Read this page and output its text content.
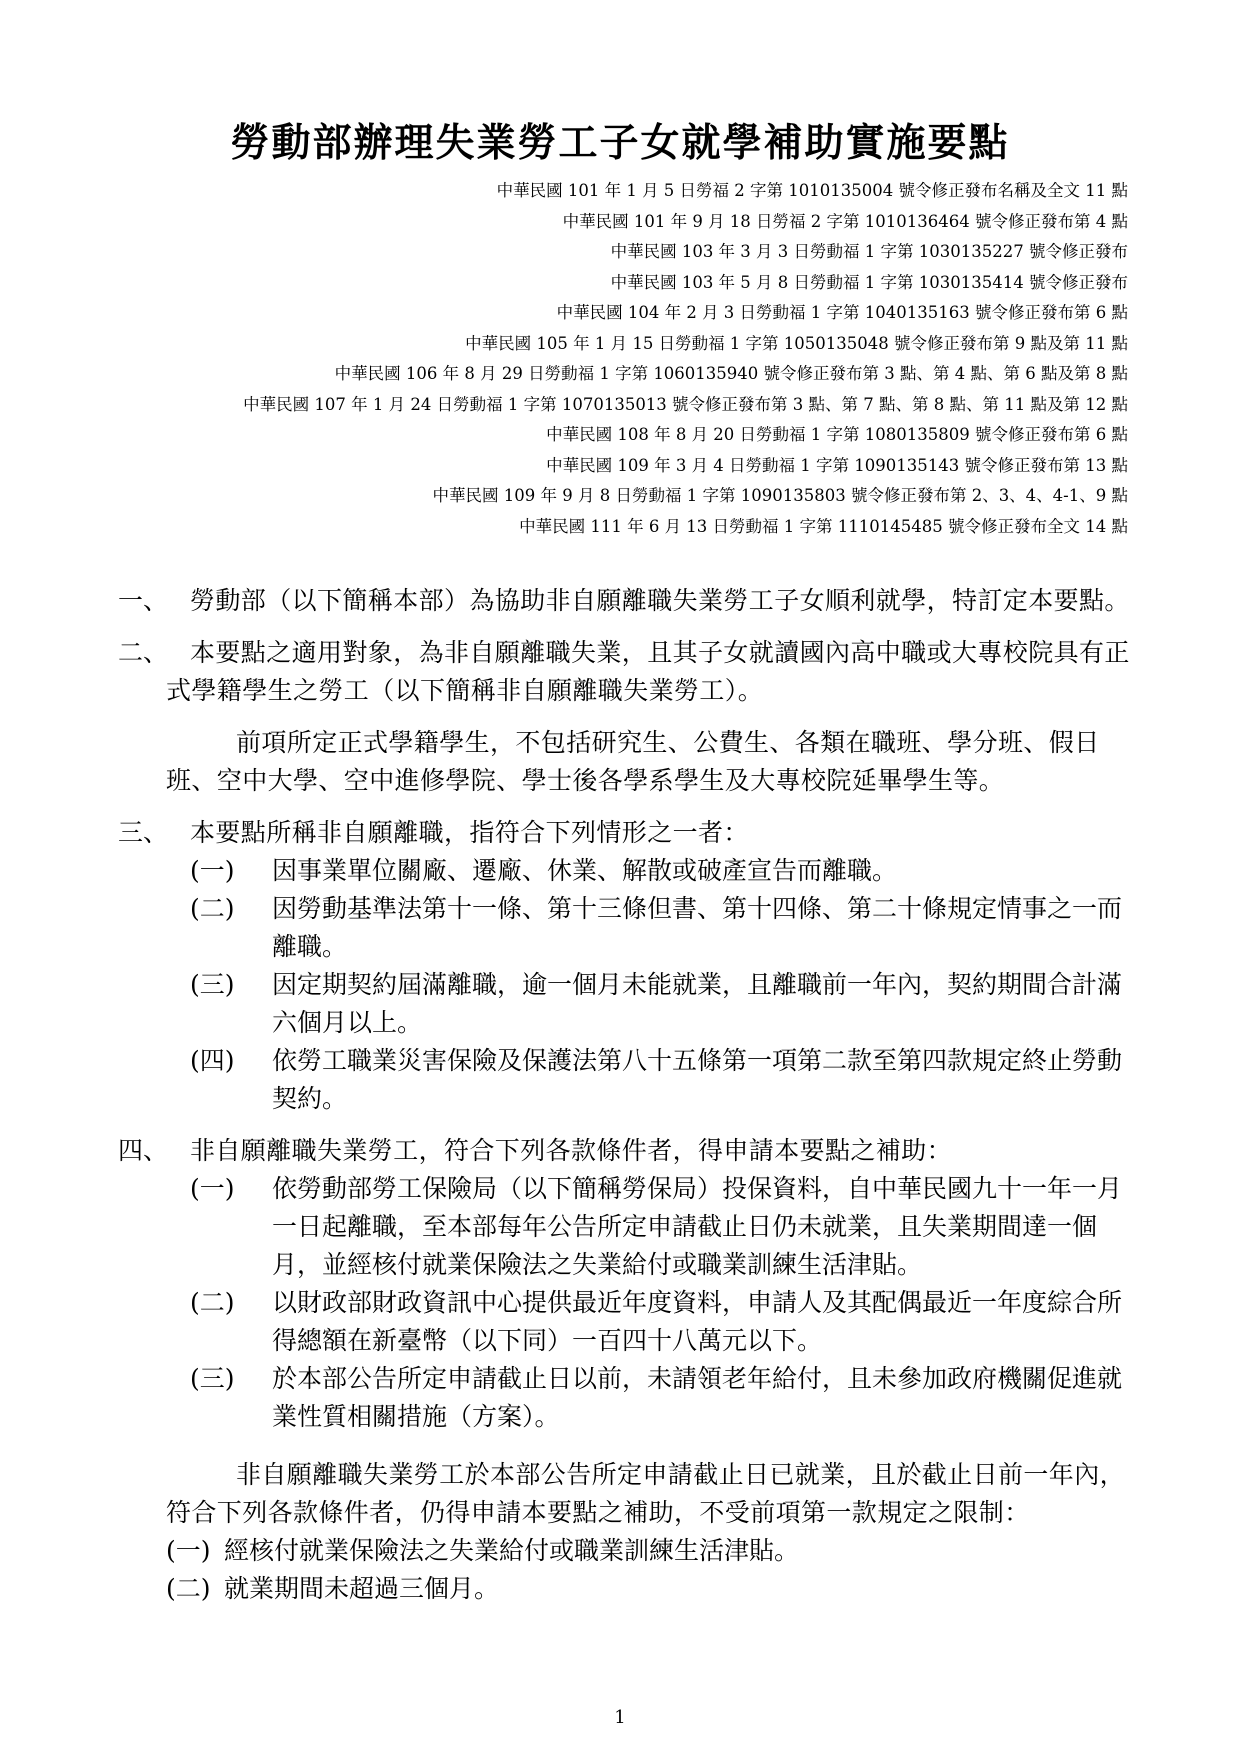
勞動部辦理失業勞工子女就學補助實施要點
中華民國 101 年 1 月 5 日勞福 2 字第 1010135004 號令修正發布名稱及全文 11 點
中華民國 101 年 9 月 18 日勞福 2 字第 1010136464 號令修正發布第 4 點
中華民國 103 年 3 月 3 日勞動福 1 字第 1030135227 號令修正發布
中華民國 103 年 5 月 8 日勞動福 1 字第 1030135414 號令修正發布
中華民國 104 年 2 月 3 日勞動福 1 字第 1040135163 號令修正發布第 6 點
中華民國 105 年 1 月 15 日勞動福 1 字第 1050135048 號令修正發布第 9 點及第 11 點
中華民國 106 年 8 月 29 日勞動福 1 字第 1060135940 號令修正發布第 3 點、第 4 點、第 6 點及第 8 點
中華民國 107 年 1 月 24 日勞動福 1 字第 1070135013 號令修正發布第 3 點、第 7 點、第 8 點、第 11 點及第 12 點
中華民國 108 年 8 月 20 日勞動福 1 字第 1080135809 號令修正發布第 6 點
中華民國 109 年 3 月 4 日勞動福 1 字第 1090135143 號令修正發布第 13 點
中華民國 109 年 9 月 8 日勞動福 1 字第 1090135803 號令修正發布第 2、3、4、4-1、9 點
中華民國 111 年 6 月 13 日勞動福 1 字第 1110145485 號令修正發布全文 14 點
一、 勞動部（以下簡稱本部）為協助非自願離職失業勞工子女順利就學，特訂定本要點。

二、 本要點之適用對象，為非自願離職失業，且其子女就讀國內高中職或大專校院具有正式學籍學生之勞工（以下簡稱非自願離職失業勞工）。

前項所定正式學籍學生，不包括研究生、公費生、各類在職班、學分班、假日班、空中大學、空中進修學院、學士後各學系學生及大專校院延畢學生等。
三、 本要點所稱非自願離職，指符合下列情形之一者：

(一) 因事業單位關廠、遷廠、休業、解散或破產宣告而離職。
(二) 因勞動基準法第十一條、第十三條但書、第十四條、第二十條規定情事之一而離職。
(三) 因定期契約屆滿離職，逾一個月未能就業，且離職前一年內，契約期間合計滿六個月以上。
(四) 依勞工職業災害保險及保護法第八十五條第一項第二款至第四款規定終止勞動契約。
四、 非自願離職失業勞工，符合下列各款條件者，得申請本要點之補助：

(一) 依勞動部勞工保險局（以下簡稱勞保局）投保資料，自中華民國九十一年一月一日起離職，至本部每年公告所定申請截止日仍未就業，且失業期間達一個月，並經核付就業保險法之失業給付或職業訓練生活津貼。
(二) 以財政部財政資訊中心提供最近年度資料，申請人及其配偶最近一年度綜合所得總額在新臺幣（以下同）一百四十八萬元以下。
(三) 於本部公告所定申請截止日以前，未請領老年給付，且未參加政府機關促進就業性質相關措施（方案）。
非自願離職失業勞工於本部公告所定申請截止日已就業，且於截止日前一年內，符合下列各款條件者，仍得申請本要點之補助，不受前項第一款規定之限制：
(一) 經核付就業保險法之失業給付或職業訓練生活津貼。
(二) 就業期間未超過三個月。
1
